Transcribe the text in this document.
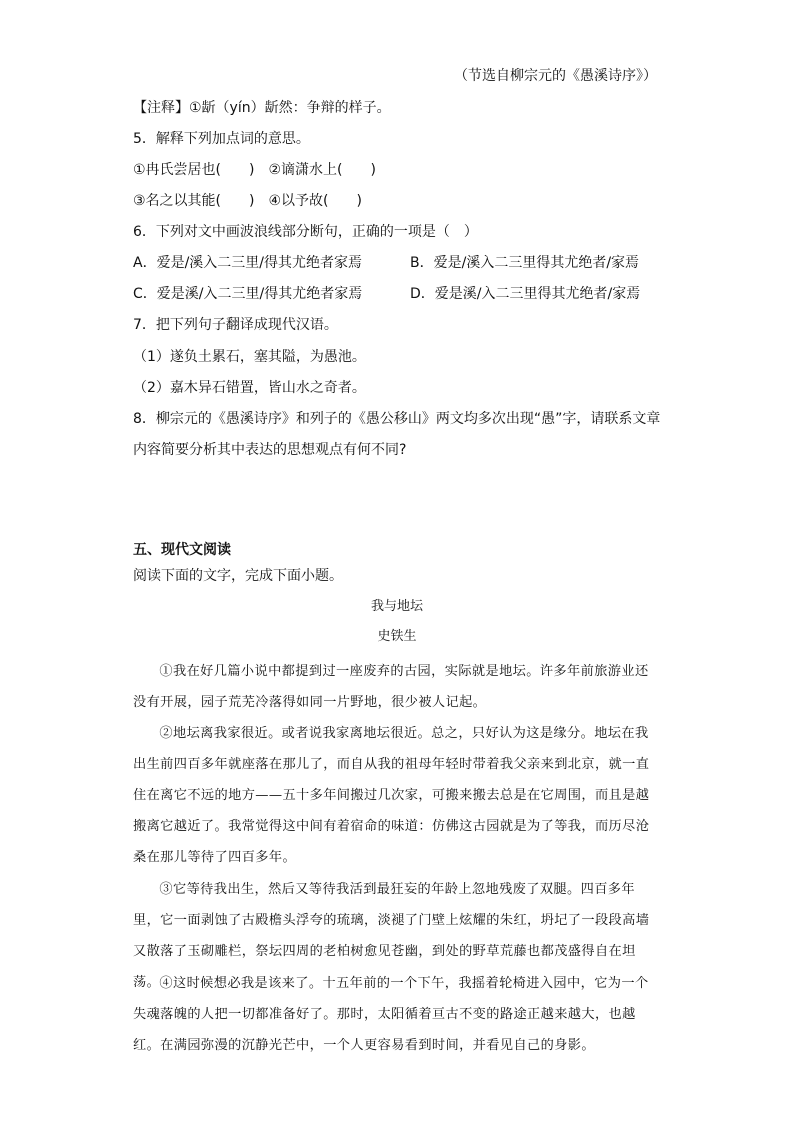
（节选自柳宗元的《愚溪诗序》）
【注释】①龂（yín）龂然：争辩的样子。
5．解释下列加点词的意思。
①冉氏尝居也(　　)　②谪潇水上(　　)
③名之以其能(　　)　④以予故(　　)
6．下列对文中画波浪线部分断句，正确的一项是（　）
A．爱是/溪入二三里/得其尤绝者家焉	B．爱是/溪入二三里得其尤绝者/家焉
C．爱是溪/入二三里/得其尤绝者家焉	D．爱是溪/入二三里得其尤绝者/家焉
7．把下列句子翻译成现代汉语。
（1）遂负土累石，塞其隘，为愚池。
（2）嘉木异石错置，皆山水之奇者。
8．柳宗元的《愚溪诗序》和列子的《愚公移山》两文均多次出现“愚”字，请联系文章
内容简要分析其中表达的思想观点有何不同?
五、现代文阅读
阅读下面的文字，完成下面小题。
我与地坛
史铁生
①我在好几篇小说中都提到过一座废弃的古园，实际就是地坛。许多年前旅游业还没有开展，园子荒芜冷落得如同一片野地，很少被人记起。
②地坛离我家很近。或者说我家离地坛很近。总之，只好认为这是缘分。地坛在我出生前四百多年就座落在那儿了，而自从我的祖母年轻时带着我父亲来到北京，就一直住在离它不远的地方——五十多年间搬过几次家，可搬来搬去总是在它周围，而且是越搬离它越近了。我常觉得这中间有着宿命的味道：仿佛这古园就是为了等我，而历尽沧桑在那儿等待了四百多年。
③它等待我出生，然后又等待我活到最狂妄的年龄上忽地残废了双腿。四百多年里，它一面剥蚀了古殿檐头浮夸的琉璃，淡褪了门壁上炫耀的朱红，坍圮了一段段高墙又散落了玉砌雕栏，祭坛四周的老柏树愈见苍幽，到处的野草荒藤也都茂盛得自在坦荡。 ④这时候想必我是该来了。十五年前的一个下午，我摇着轮椅进入园中，它为一个失魂落魄的人把一切都准备好了。那时，太阳循着亘古不变的路途正越来越大，也越红。在满园弥漫的沉静光芒中，一个人更容易看到时间，并看见自己的身影。
